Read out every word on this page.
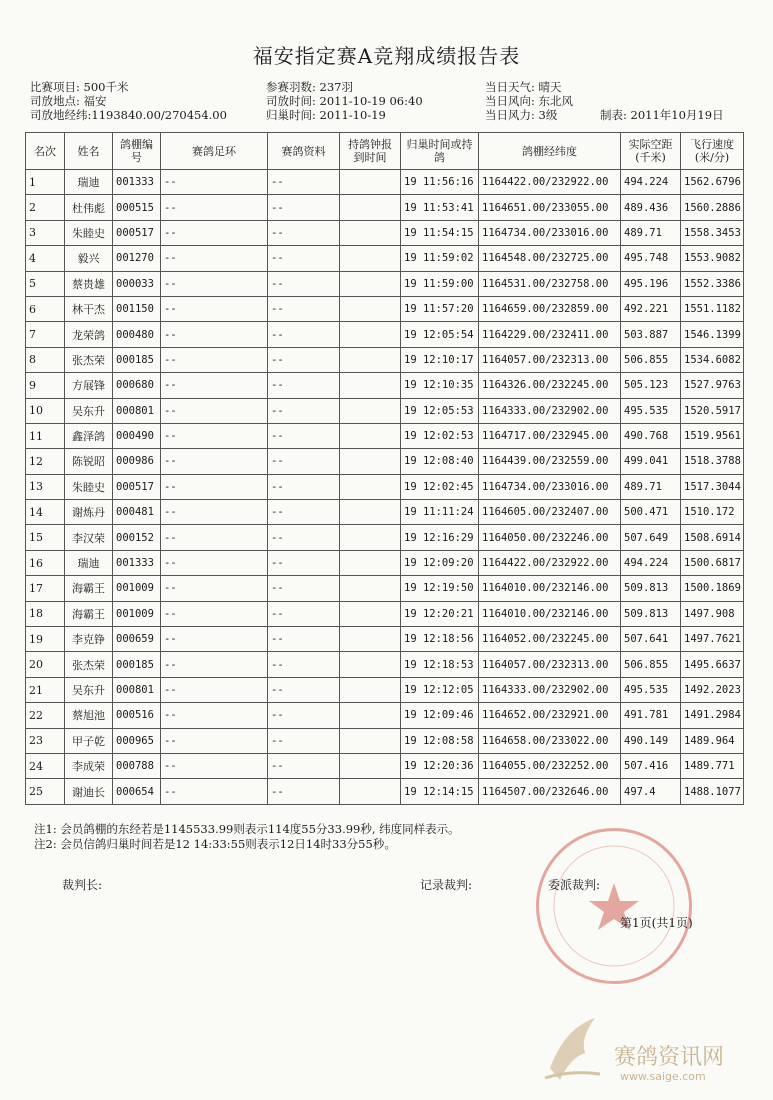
福安指定赛A竞翔成绩报告表
比赛项目: 500千米	参赛羽数: 237羽	当日天气: 晴天
司放地点: 福安	司放时间: 2011-10-19 06:40	当日风向: 东北风
司放地经纬:1193840.00/270454.00	归巢时间: 2011-10-19	当日风力: 3级	制表: 2011年10月19日
名次	姓名	鸽棚编号	赛鸽足环	赛鸽资料	持鸽钟报到时间	归巢时间或持鸽	鸽棚经纬度	实际空距(千米)	飞行速度(米/分)
1	瑞迪	001333	--	--		19 11:56:16	1164422.00/232922.00	494.224	1562.6796
2	杜伟彪	000515	--	--		19 11:53:41	1164651.00/233055.00	489.436	1560.2886
3	朱睦史	000517	--	--		19 11:54:15	1164734.00/233016.00	489.71	1558.3453
4	毅兴	001270	--	--		19 11:59:02	1164548.00/232725.00	495.748	1553.9082
5	蔡贵雄	000033	--	--		19 11:59:00	1164531.00/232758.00	495.196	1552.3386
6	林干杰	001150	--	--		19 11:57:20	1164659.00/232859.00	492.221	1551.1182
7	龙荣鸽	000480	--	--		19 12:05:54	1164229.00/232411.00	503.887	1546.1399
8	张杰荣	000185	--	--		19 12:10:17	1164057.00/232313.00	506.855	1534.6082
9	方展锋	000680	--	--		19 12:10:35	1164326.00/232245.00	505.123	1527.9763
10	吴东升	000801	--	--		19 12:05:53	1164333.00/232902.00	495.535	1520.5917
11	鑫泽鸽	000490	--	--		19 12:02:53	1164717.00/232945.00	490.768	1519.9561
12	陈锐昭	000986	--	--		19 12:08:40	1164439.00/232559.00	499.041	1518.3788
13	朱睦史	000517	--	--		19 12:02:45	1164734.00/233016.00	489.71	1517.3044
14	谢炼丹	000481	--	--		19 11:11:24	1164605.00/232407.00	500.471	1510.172
15	李汉荣	000152	--	--		19 12:16:29	1164050.00/232246.00	507.649	1508.6914
16	瑞迪	001333	--	--		19 12:09:20	1164422.00/232922.00	494.224	1500.6817
17	海霸王	001009	--	--		19 12:19:50	1164010.00/232146.00	509.813	1500.1869
18	海霸王	001009	--	--		19 12:20:21	1164010.00/232146.00	509.813	1497.908
19	李克铮	000659	--	--		19 12:18:56	1164052.00/232245.00	507.641	1497.7621
20	张杰荣	000185	--	--		19 12:18:53	1164057.00/232313.00	506.855	1495.6637
21	吴东升	000801	--	--		19 12:12:05	1164333.00/232902.00	495.535	1492.2023
22	蔡旭池	000516	--	--		19 12:09:46	1164652.00/232921.00	491.781	1491.2984
23	甲子乾	000965	--	--		19 12:08:58	1164658.00/233022.00	490.149	1489.964
24	李成荣	000788	--	--		19 12:20:36	1164055.00/232252.00	507.416	1489.771
25	谢迪长	000654	--	--		19 12:14:15	1164507.00/232646.00	497.4	1488.1077
注1: 会员鸽棚的东经若是1145533.99则表示114度55分33.99秒, 纬度同样表示。
注2: 会员信鸽归巢时间若是12 14:33:55则表示12日14时33分55秒。
裁判长:	记录裁判:	委派裁判:
第1页(共1页)
赛鸽资讯网
www.saige.com
